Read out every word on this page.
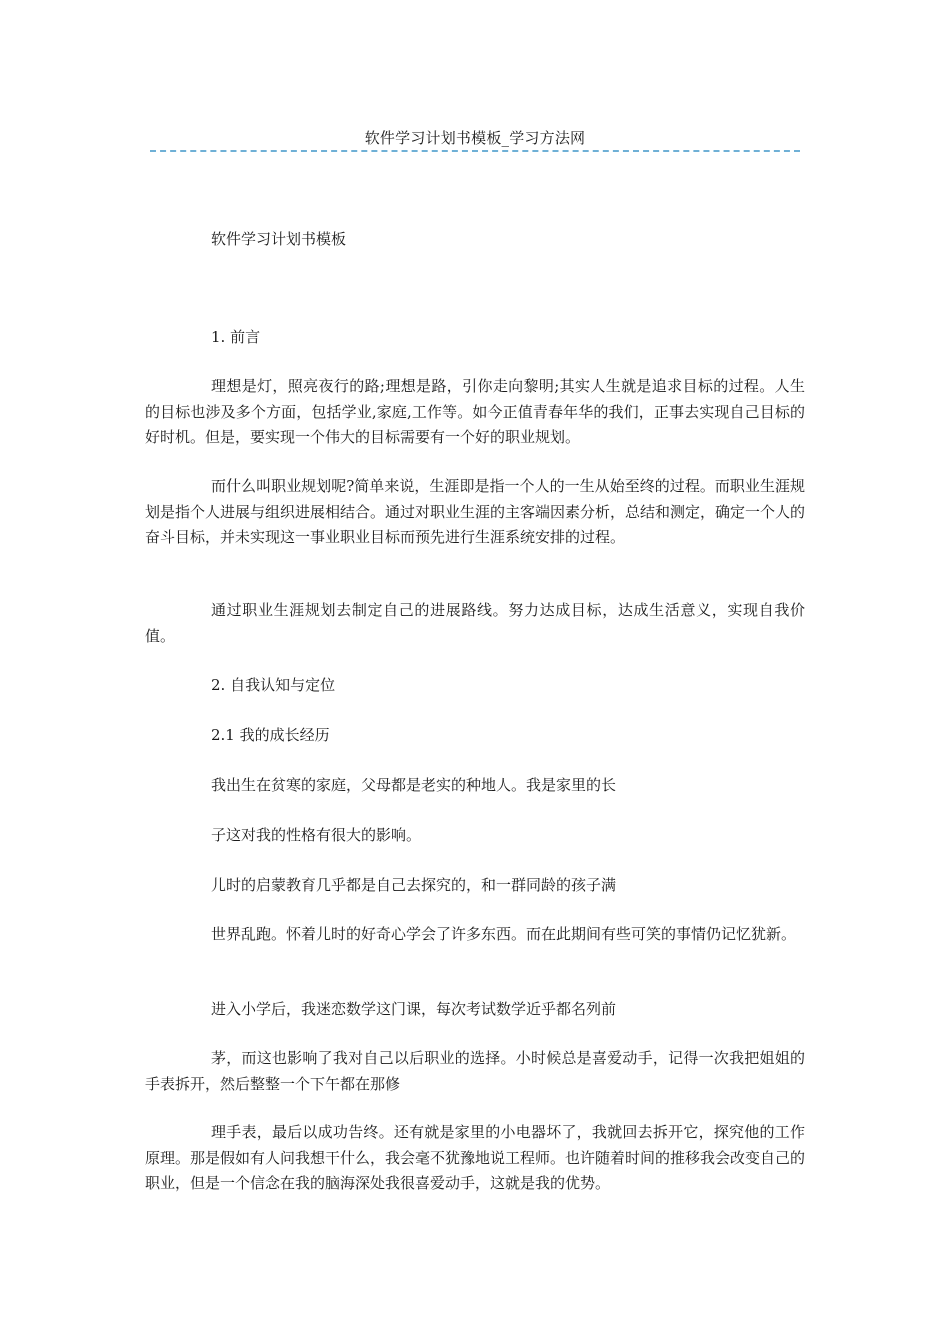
软件学习计划书模板_学习方法网
软件学习计划书模板
1. 前言
理想是灯，照亮夜行的路;理想是路，引你走向黎明;其实人生就是追求目标的过程。人生的目标也涉及多个方面，包括学业,家庭,工作等。如今正值青春年华的我们，正事去实现自己目标的好时机。但是，要实现一个伟大的目标需要有一个好的职业规划。
而什么叫职业规划呢?简单来说，生涯即是指一个人的一生从始至终的过程。而职业生涯规划是指个人进展与组织进展相结合。通过对职业生涯的主客端因素分析，总结和测定，确定一个人的奋斗目标，并未实现这一事业职业目标而预先进行生涯系统安排的过程。
通过职业生涯规划去制定自己的进展路线。努力达成目标，达成生活意义，实现自我价值。
2. 自我认知与定位
2.1 我的成长经历
我出生在贫寒的家庭，父母都是老实的种地人。我是家里的长
子这对我的性格有很大的影响。
儿时的启蒙教育几乎都是自己去探究的，和一群同龄的孩子满
世界乱跑。怀着儿时的好奇心学会了许多东西。而在此期间有些可笑的事情仍记忆犹新。
进入小学后，我迷恋数学这门课，每次考试数学近乎都名列前
茅，而这也影响了我对自己以后职业的选择。小时候总是喜爱动手，记得一次我把姐姐的手表拆开，然后整整一个下午都在那修
理手表，最后以成功告终。还有就是家里的小电器坏了，我就回去拆开它，探究他的工作原理。那是假如有人问我想干什么，我会毫不犹豫地说工程师。也许随着时间的推移我会改变自己的职业，但是一个信念在我的脑海深处我很喜爱动手，这就是我的优势。
